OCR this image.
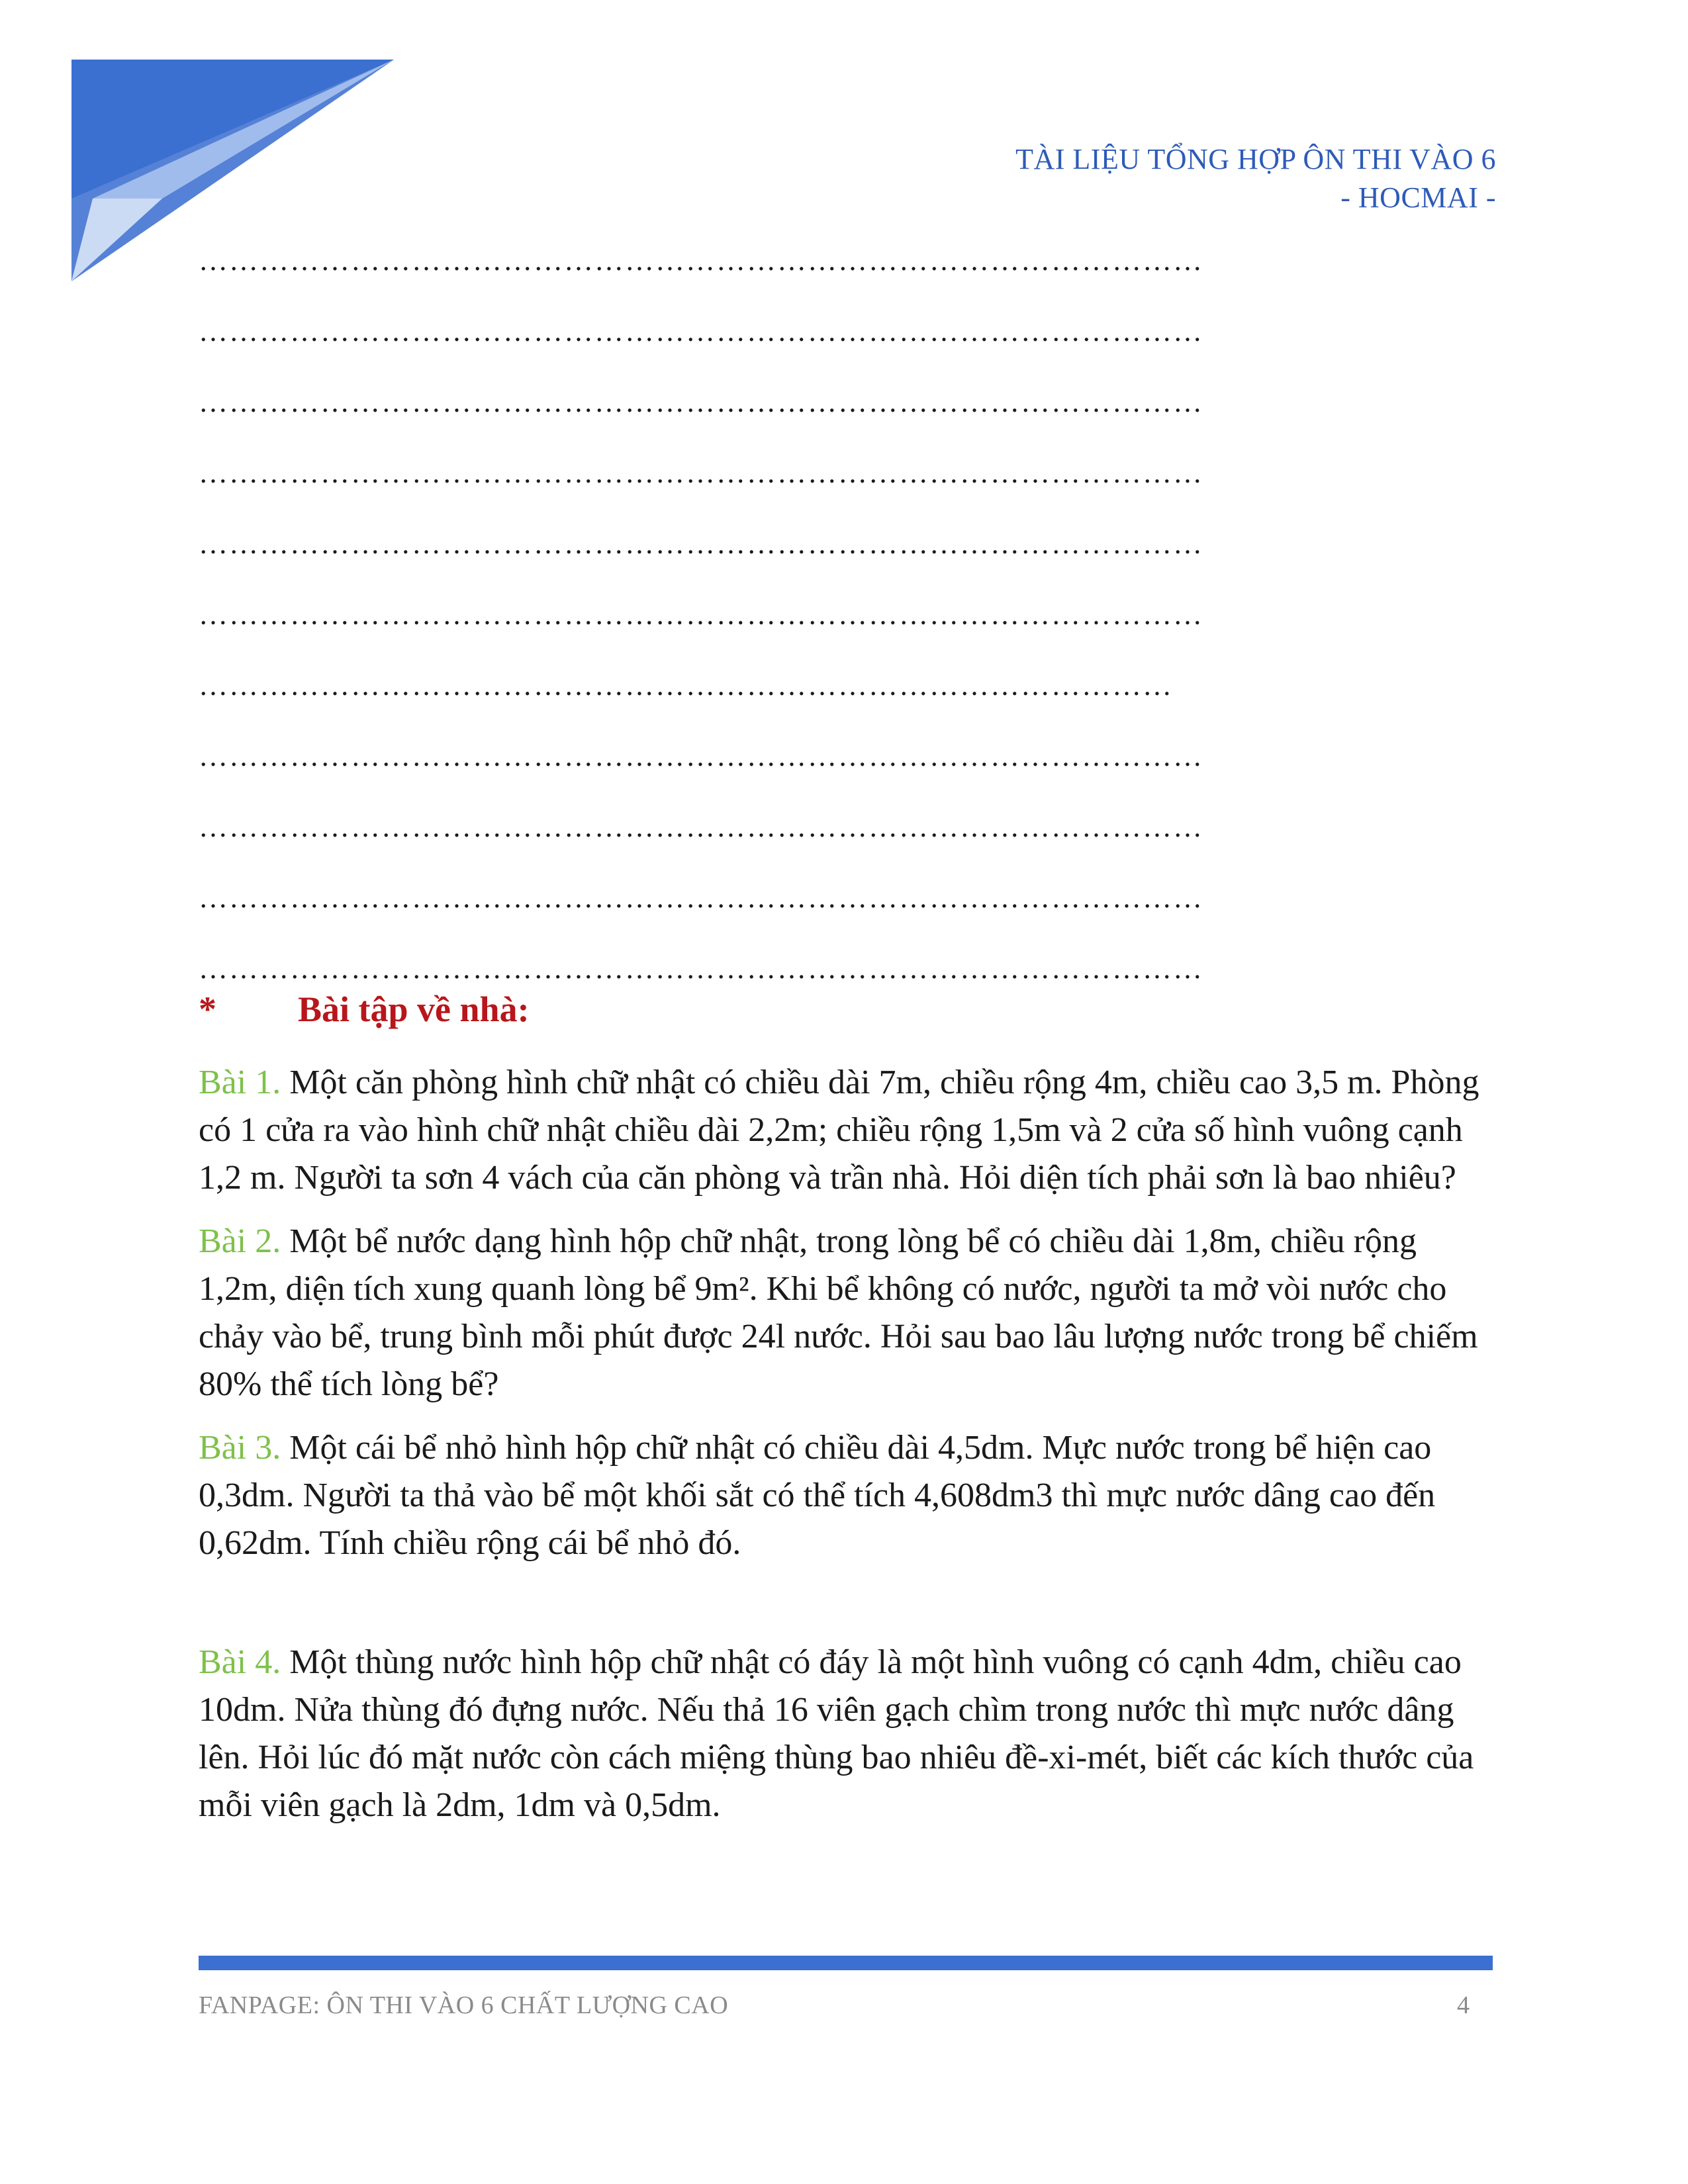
TÀI LIỆU TỔNG HỢP ÔN THI VÀO 6
- HOCMAI -
………………………………………………………………………………………
………………………………………………………………………………………
………………………………………………………………………………………
………………………………………………………………………………………
………………………………………………………………………………………
………………………………………………………………………………………
……………………………………………………………………………………
………………………………………………………………………………………
………………………………………………………………………………………
………………………………………………………………………………………
………………………………………………………………………………………
* Bài tập về nhà:

Bài 1. Một căn phòng hình chữ nhật có chiều dài 7m, chiều rộng 4m, chiều cao 3,5 m. Phòng có 1 cửa ra vào hình chữ nhật chiều dài 2,2m; chiều rộng 1,5m và 2 cửa số hình vuông cạnh 1,2 m. Người ta sơn 4 vách của căn phòng và trần nhà. Hỏi diện tích phải sơn là bao nhiêu?

Bài 2. Một bể nước dạng hình hộp chữ nhật, trong lòng bể có chiều dài 1,8m, chiều rộng 1,2m, diện tích xung quanh lòng bể 9m². Khi bể không có nước, người ta mở vòi nước cho chảy vào bể, trung bình mỗi phút được 24l nước. Hỏi sau bao lâu lượng nước trong bể chiếm 80% thể tích lòng bể?

Bài 3. Một cái bể nhỏ hình hộp chữ nhật có chiều dài 4,5dm. Mực nước trong bể hiện cao 0,3dm. Người ta thả vào bể một khối sắt có thể tích 4,608dm3 thì mực nước dâng cao đến 0,62dm. Tính chiều rộng cái bể nhỏ đó.

Bài 4. Một thùng nước hình hộp chữ nhật có đáy là một hình vuông có cạnh 4dm, chiều cao 10dm. Nửa thùng đó đựng nước. Nếu thả 16 viên gạch chìm trong nước thì mực nước dâng lên. Hỏi lúc đó mặt nước còn cách miệng thùng bao nhiêu đề-xi-mét, biết các kích thước của mỗi viên gạch là 2dm, 1dm và 0,5dm.

FANPAGE: ÔN THI VÀO 6 CHẤT LƯỢNG CAO	4
